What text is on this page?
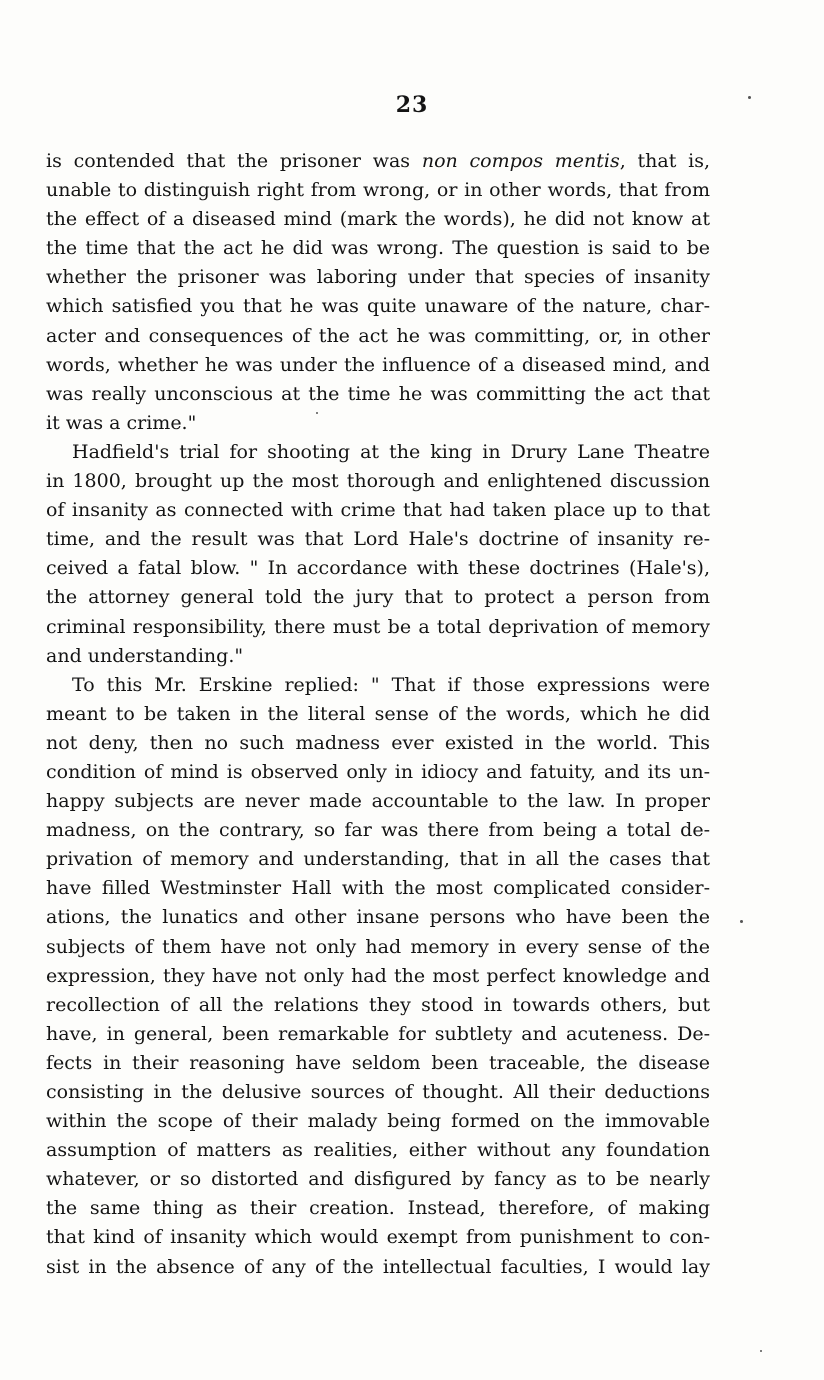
23
is contended that the prisoner was non compos mentis, that is,
unable to distinguish right from wrong, or in other words, that from
the effect of a diseased mind (mark the words), he did not know at
the time that the act he did was wrong. The question is said to be
whether the prisoner was laboring under that species of insanity
which satisfied you that he was quite unaware of the nature, char-
acter and consequences of the act he was committing, or, in other
words, whether he was under the influence of a diseased mind, and
was really unconscious at the time he was committing the act that
it was a crime."
Hadfield's trial for shooting at the king in Drury Lane Theatre
in 1800, brought up the most thorough and enlightened discussion
of insanity as connected with crime that had taken place up to that
time, and the result was that Lord Hale's doctrine of insanity re-
ceived a fatal blow. " In accordance with these doctrines (Hale's),
the attorney general told the jury that to protect a person from
criminal responsibility, there must be a total deprivation of memory
and understanding."
To this Mr. Erskine replied: " That if those expressions were
meant to be taken in the literal sense of the words, which he did
not deny, then no such madness ever existed in the world. This
condition of mind is observed only in idiocy and fatuity, and its un-
happy subjects are never made accountable to the law. In proper
madness, on the contrary, so far was there from being a total de-
privation of memory and understanding, that in all the cases that
have filled Westminster Hall with the most complicated consider-
ations, the lunatics and other insane persons who have been the
subjects of them have not only had memory in every sense of the
expression, they have not only had the most perfect knowledge and
recollection of all the relations they stood in towards others, but
have, in general, been remarkable for subtlety and acuteness. De-
fects in their reasoning have seldom been traceable, the disease
consisting in the delusive sources of thought. All their deductions
within the scope of their malady being formed on the immovable
assumption of matters as realities, either without any foundation
whatever, or so distorted and disfigured by fancy as to be nearly
the same thing as their creation. Instead, therefore, of making
that kind of insanity which would exempt from punishment to con-
sist in the absence of any of the intellectual faculties, I would lay
